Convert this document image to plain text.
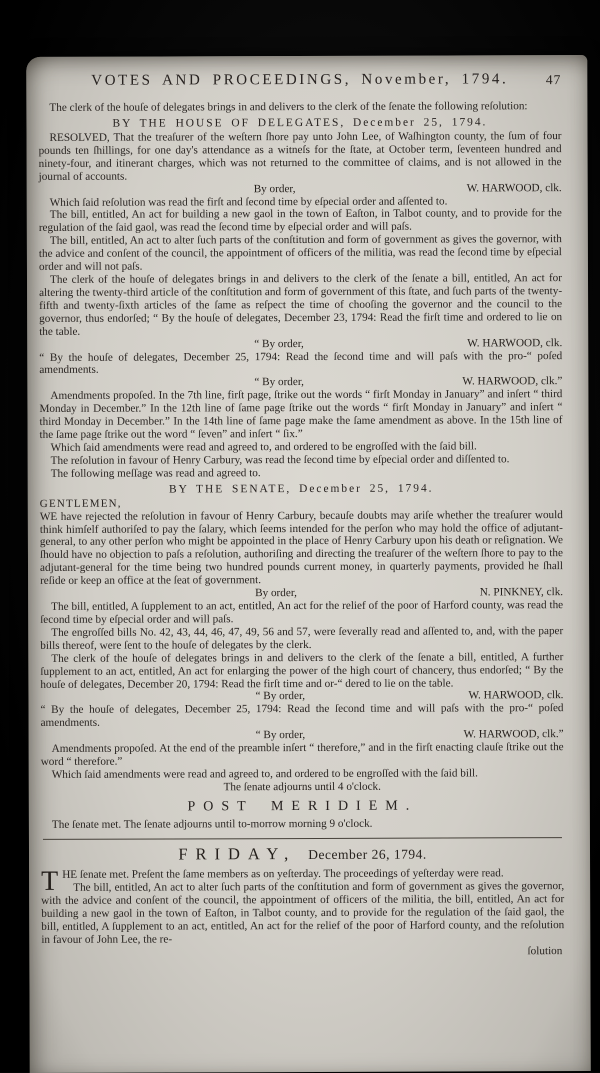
VOTES AND PROCEEDINGS, November, 1794.	47

The clerk of the houſe of delegates brings in and delivers to the clerk of the ſenate the following reſolution:

BY THE HOUSE OF DELEGATES, December 25, 1794.

RESOLVED, That the treaſurer of the weſtern ſhore pay unto John Lee, of Waſhington county, the ſum of four pounds ten ſhillings, for one day's attendance as a witneſs for the ſtate, at October term, ſeventeen hundred and ninety-four, and itinerant charges, which was not returned to the committee of claims, and is not allowed in the journal of accounts.

By order,	W. HARWOOD, clk.

Which ſaid reſolution was read the firſt and ſecond time by eſpecial order and aſſented to.

The bill, entitled, An act for building a new gaol in the town of Eaſton, in Talbot county, and to provide for the regulation of the ſaid gaol, was read the ſecond time by eſpecial order and will paſs.

The bill, entitled, An act to alter ſuch parts of the conſtitution and form of government as gives the governor, with the advice and conſent of the council, the appointment of officers of the militia, was read the ſecond time by eſpecial order and will not paſs.

The clerk of the houſe of delegates brings in and delivers to the clerk of the ſenate a bill, entitled, An act for altering the twenty-third article of the conſtitution and form of government of this ſtate, and ſuch parts of the twenty-fifth and twenty-ſixth articles of the ſame as reſpect the time of chooſing the governor and the council to the governor, thus endorſed; “ By the houſe of delegates, December 23, 1794: Read the firſt time and ordered to lie on the table.

“ By order,	W. HARWOOD, clk.

“ By the houſe of delegates, December 25, 1794: Read the ſecond time and will paſs with the pro-“ poſed amendments.

“ By order,	W. HARWOOD, clk.”

Amendments propoſed. In the 7th line, firſt page, ſtrike out the words “ firſt Monday in January” and inſert “ third Monday in December.” In the 12th line of ſame page ſtrike out the words “ firſt Monday in January” and inſert “ third Monday in December.” In the 14th line of ſame page make the ſame amendment as above. In the 15th line of the ſame page ſtrike out the word “ ſeven” and inſert “ ſix.”

Which ſaid amendments were read and agreed to, and ordered to be engroſſed with the ſaid bill.

The reſolution in favour of Henry Carbury, was read the ſecond time by eſpecial order and diſſented to.

The following meſſage was read and agreed to.

BY THE SENATE, December 25, 1794.

GENTLEMEN,

WE have rejected the reſolution in favour of Henry Carbury, becauſe doubts may ariſe whether the treaſurer would think himſelf authoriſed to pay the ſalary, which ſeems intended for the perſon who may hold the office of adjutant-general, to any other perſon who might be appointed in the place of Henry Carbury upon his death or reſignation. We ſhould have no objection to paſs a reſolution, authoriſing and directing the treaſurer of the weſtern ſhore to pay to the adjutant-general for the time being two hundred pounds current money, in quarterly payments, provided he ſhall reſide or keep an office at the ſeat of government.

By order,	N. PINKNEY, clk.

The bill, entitled, A ſupplement to an act, entitled, An act for the relief of the poor of Harford county, was read the ſecond time by eſpecial order and will paſs.

The engroſſed bills No. 42, 43, 44, 46, 47, 49, 56 and 57, were ſeverally read and aſſented to, and, with the paper bills thereof, were ſent to the houſe of delegates by the clerk.

The clerk of the houſe of delegates brings in and delivers to the clerk of the ſenate a bill, entitled, A further ſupplement to an act, entitled, An act for enlarging the power of the high court of chancery, thus endorſed; “ By the houſe of delegates, December 20, 1794: Read the firſt time and or-“ dered to lie on the table.

“ By order,	W. HARWOOD, clk.

“ By the houſe of delegates, December 25, 1794: Read the ſecond time and will paſs with the pro-“ poſed amendments.

“ By order,	W. HARWOOD, clk.”

Amendments propoſed. At the end of the preamble inſert “ therefore,” and in the firſt enacting clauſe ſtrike out the word “ therefore.”

Which ſaid amendments were read and agreed to, and ordered to be engroſſed with the ſaid bill.

The ſenate adjourns until 4 o'clock.

POST MERIDIEM.

The ſenate met. The ſenate adjourns until to-morrow morning 9 o'clock.

FRIDAY, December 26, 1794.

THE ſenate met. Preſent the ſame members as on yeſterday. The proceedings of yeſterday were read.

The bill, entitled, An act to alter ſuch parts of the conſtitution and form of government as gives the governor, with the advice and conſent of the council, the appointment of officers of the militia, the bill, entitled, An act for building a new gaol in the town of Eaſton, in Talbot county, and to provide for the regulation of the ſaid gaol, the bill, entitled, A ſupplement to an act, entitled, An act for the relief of the poor of Harford county, and the reſolution in favour of John Lee, the re-

ſolution
